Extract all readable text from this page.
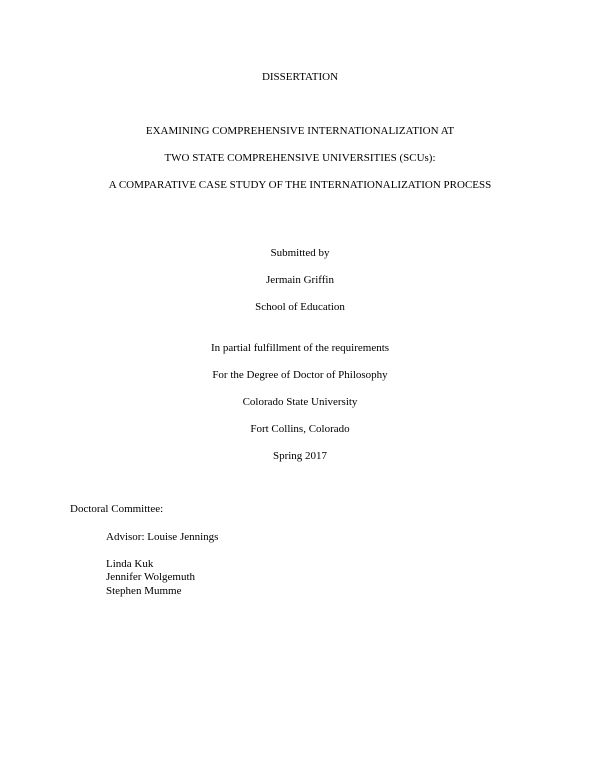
DISSERTATION
EXAMINING COMPREHENSIVE INTERNATIONALIZATION AT
TWO STATE COMPREHENSIVE UNIVERSITIES (SCUs):
A COMPARATIVE CASE STUDY OF THE INTERNATIONALIZATION PROCESS
Submitted by
Jermain Griffin
School of Education
In partial fulfillment of the requirements
For the Degree of Doctor of Philosophy
Colorado State University
Fort Collins, Colorado
Spring 2017
Doctoral Committee:
Advisor: Louise Jennings
Linda Kuk
Jennifer Wolgemuth
Stephen Mumme
